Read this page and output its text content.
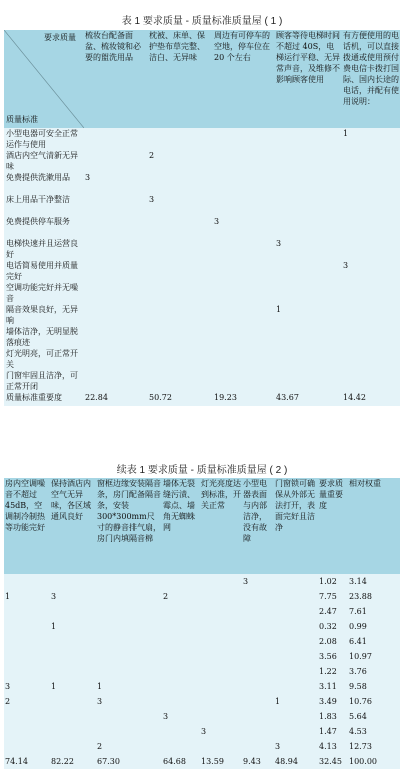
表 1 要求质量 - 质量标准质量屋 ( 1 )
要求质量
质量标准	梳妆台配备面盆、梳妆镜和必要的盥洗用品	枕被、床单、保护垫布草完整、洁白、无异味	周边有可停车的空地，停车位在 20 个左右	顾客等待电梯时间不超过 40S，电梯运行平稳、无异常声音，及维修不影响顾客使用	有方便使用的电话机，可以直接拨通或使用预付费电信卡拨打国际、国内长途的电话，并配有使用说明：
小型电器可安全正常运作与使用					1
酒店内空气清新无异味		2			
免费提供洗漱用品	3				
床上用品干净整洁		3			
免费提供停车服务			3		
电梯快速并且运营良好				3	
电话简易使用并质量完好					3
空调功能完好并无噪音					
隔音效果良好，无异响				1	
墙体洁净，无明显脱落痕迹					
灯光明亮，可正常开关					
门窗牢固且洁净，可正常开闭					
质量标准重要度	22.84	50.72	19.23	43.67	14.42
续表 1 要求质量 - 质量标准质量屋 ( 2 )
房内空调噪音不超过45dB，空调制冷制热等功能完好	保持酒店内空气无异味，各区域通风良好	窗框边缘安装隔音条，房门配备隔音条，安装300*300mm尺寸的静音排气扇，房门内填隔音棉	墙体无裂缝污渍、霉点、墙角无蜘蛛网	灯光亮度达到标准，开关正常	小型电器表面与内部洁净，没有故障	门窗锁可确保从外部无法打开，表面完好且洁净	要求质量重要度	相对权重
					3		1.02	3.14
1	3		2				7.75	23.88
							2.47	7.61
	1						0.32	0.99
							2.08	6.41
							3.56	10.97
							1.22	3.76
3	1	1					3.11	9.58
2		3				1	3.49	10.76
			3				1.83	5.64
				3			1.47	4.53
		2				3	4.13	12.73
74.14	82.22	67.30	64.68	13.59	9.43	48.94	32.45	100.00
